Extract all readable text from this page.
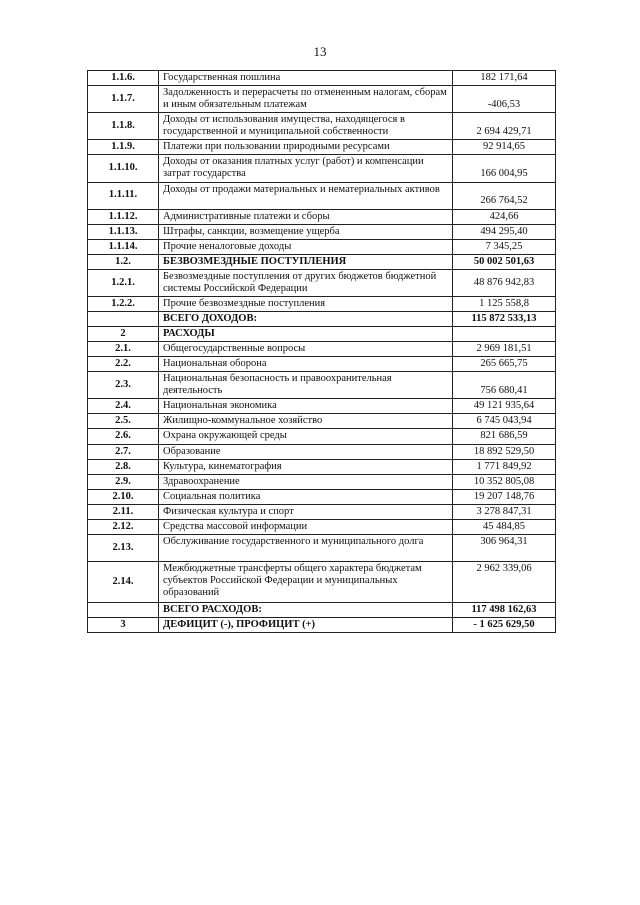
13
1.1.6.	Государственная пошлина	182 171,64
1.1.7.	Задолженность и перерасчеты по отмененным налогам, сборам и иным обязательным платежам	-406,53
1.1.8.	Доходы от использования имущества, находящегося в государственной и муниципальной собственности	2 694 429,71
1.1.9.	Платежи при пользовании природными ресурсами	92 914,65
1.1.10.	Доходы от оказания платных услуг (работ) и компенсации затрат государства	166 004,95
1.1.11.	Доходы от продажи материальных и нематериальных активов	266 764,52
1.1.12.	Административные платежи и сборы	424,66
1.1.13.	Штрафы, санкции, возмещение ущерба	494 295,40
1.1.14.	Прочие неналоговые доходы	7 345,25
1.2.	БЕЗВОЗМЕЗДНЫЕ ПОСТУПЛЕНИЯ	50 002 501,63
1.2.1.	Безвозмездные поступления от других бюджетов бюджетной системы Российской Федерации	48 876 942,83
1.2.2.	Прочие безвозмездные поступления	1 125 558,8
	ВСЕГО ДОХОДОВ:	115 872 533,13
2	РАСХОДЫ	
2.1.	Общегосударственные вопросы	2 969 181,51
2.2.	Национальная оборона	265 665,75
2.3.	Национальная безопасность и правоохранительная деятельность	756 680,41
2.4.	Национальная экономика	49 121 935,64
2.5.	Жилищно-коммунальное хозяйство	6 745 043,94
2.6.	Охрана окружающей среды	821 686,59
2.7.	Образование	18 892 529,50
2.8.	Культура, кинематография	1 771 849,92
2.9.	Здравоохранение	10 352 805,08
2.10.	Социальная политика	19 207 148,76
2.11.	Физическая культура и спорт	3 278 847,31
2.12.	Средства массовой информации	45 484,85
2.13.	Обслуживание государственного и муниципального долга	306 964,31
2.14.	Межбюджетные трансферты общего характера бюджетам субъектов Российской Федерации и муниципальных образований	2 962 339,06
	ВСЕГО РАСХОДОВ:	117 498 162,63
3	ДЕФИЦИТ (-), ПРОФИЦИТ (+)	- 1 625 629,50
